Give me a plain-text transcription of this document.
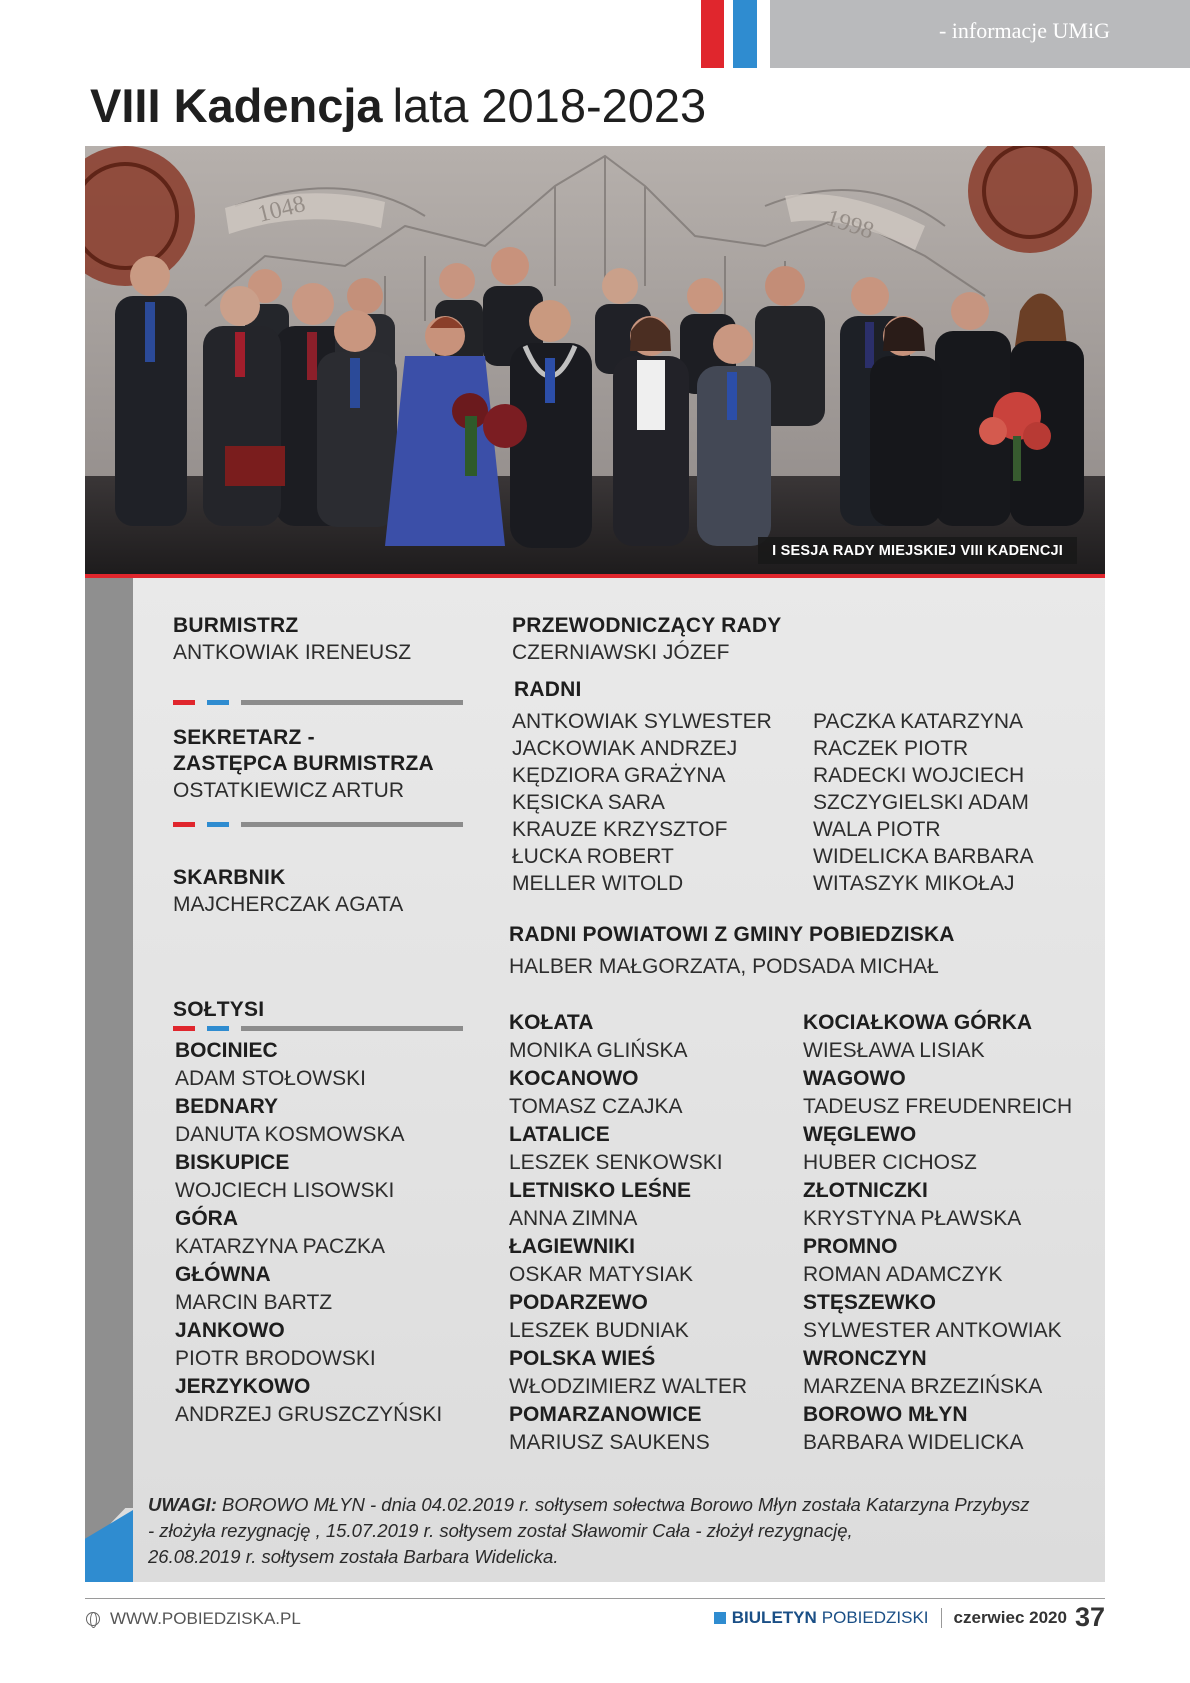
- informacje UMiG
VIII Kadencja lata 2018-2023
1048	1998
I SESJA RADY MIEJSKIEJ VIII KADENCJI
BURMISTRZ
ANTKOWIAK IRENEUSZ
SEKRETARZ -
ZASTĘPCA BURMISTRZA
OSTATKIEWICZ ARTUR
SKARBNIK
MAJCHERCZAK AGATA
PRZEWODNICZĄCY RADY
CZERNIAWSKI JÓZEF
RADNI
ANTKOWIAK SYLWESTER
JACKOWIAK ANDRZEJ
KĘDZIORA GRAŻYNA
KĘSICKA SARA
KRAUZE KRZYSZTOF
ŁUCKA ROBERT
MELLER WITOLD
PACZKA KATARZYNA
RACZEK PIOTR
RADECKI WOJCIECH
SZCZYGIELSKI ADAM
WALA PIOTR
WIDELICKA BARBARA
WITASZYK MIKOŁAJ
RADNI POWIATOWI Z GMINY POBIEDZISKA
HALBER MAŁGORZATA, PODSADA MICHAŁ
SOŁTYSI
BOCINIEC
ADAM STOŁOWSKI
BEDNARY
DANUTA KOSMOWSKA
BISKUPICE
WOJCIECH LISOWSKI
GÓRA
KATARZYNA PACZKA
GŁÓWNA
MARCIN BARTZ
JANKOWO
PIOTR BRODOWSKI
JERZYKOWO
ANDRZEJ GRUSZCZYŃSKI
KOŁATA
MONIKA GLIŃSKA
KOCANOWO
TOMASZ CZAJKA
LATALICE
LESZEK SENKOWSKI
LETNISKO LEŚNE
ANNA ZIMNA
ŁAGIEWNIKI
OSKAR MATYSIAK
PODARZEWO
LESZEK BUDNIAK
POLSKA WIEŚ
WŁODZIMIERZ WALTER
POMARZANOWICE
MARIUSZ SAUKENS
KOCIAŁKOWA GÓRKA
WIESŁAWA LISIAK
WAGOWO
TADEUSZ FREUDENREICH
WĘGLEWO
HUBER CICHOSZ
ZŁOTNICZKI
KRYSTYNA PŁAWSKA
PROMNO
ROMAN ADAMCZYK
STĘSZEWKO
SYLWESTER ANTKOWIAK
WRONCZYN
MARZENA BRZEZIŃSKA
BOROWO MŁYN
BARBARA WIDELICKA
UWAGI: BOROWO MŁYN - dnia 04.02.2019 r. sołtysem sołectwa Borowo Młyn została Katarzyna Przybysz
- złożyła rezygnację , 15.07.2019 r. sołtysem został Sławomir Cała - złożył rezygnację,
26.08.2019 r. sołtysem została Barbara Widelicka.
WWW.POBIEDZISKA.PL	BIULETYN POBIEDZISKI czerwiec 2020 37
